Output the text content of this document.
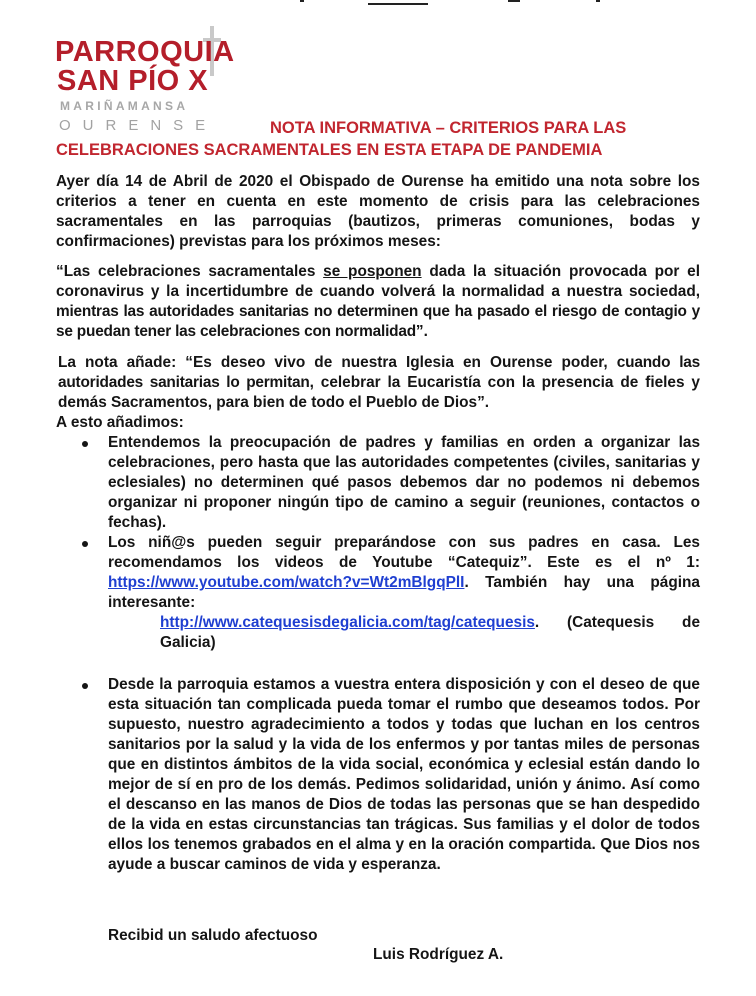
PARROQUIA
SAN PÍO X
MARIÑAMANSA
OURENSE	NOTA INFORMATIVA – CRITERIOS PARA LAS
CELEBRACIONES SACRAMENTALES EN ESTA ETAPA DE PANDEMIA

Ayer día 14 de Abril de 2020 el Obispado de Ourense ha emitido una nota sobre los criterios a tener en cuenta en este momento de crisis para las celebraciones sacramentales en las parroquias (bautizos, primeras comuniones, bodas y confirmaciones) previstas para los próximos meses:

“Las celebraciones sacramentales se posponen dada la situación provocada por el coronavirus y la incertidumbre de cuando volverá la normalidad a nuestra sociedad, mientras las autoridades sanitarias no determinen que ha pasado el riesgo de contagio y se puedan tener las celebraciones con normalidad”.

La nota añade: “Es deseo vivo de nuestra Iglesia en Ourense poder, cuando las autoridades sanitarias lo permitan, celebrar la Eucaristía con la presencia de fieles y demás Sacramentos, para bien de todo el Pueblo de Dios”.

A esto añadimos:

Entendemos la preocupación de padres y familias en orden a organizar las celebraciones, pero hasta que las autoridades competentes (civiles, sanitarias y eclesiales) no determinen qué pasos debemos dar no podemos ni debemos organizar ni proponer ningún tipo de camino a seguir (reuniones, contactos o fechas).
Los niñ@s pueden seguir preparándose con sus padres en casa. Les recomendamos los videos de Youtube “Catequiz”. Este es el nº 1: https://www.youtube.com/watch?v=Wt2mBlgqPlI. También hay una página interesante:
http://www.catequesisdegalicia.com/tag/catequesis. (Catequesis de Galicia)
Desde la parroquia estamos a vuestra entera disposición y con el deseo de que esta situación tan complicada pueda tomar el rumbo que deseamos todos. Por supuesto, nuestro agradecimiento a todos y todas que luchan en los centros sanitarios por la salud y la vida de los enfermos y por tantas miles de personas que en distintos ámbitos de la vida social, económica y eclesial están dando lo mejor de sí en pro de los demás. Pedimos solidaridad, unión y ánimo. Así como el descanso en las manos de Dios de todas las personas que se han despedido de la vida en estas circunstancias tan trágicas. Sus familias y el dolor de todos ellos los tenemos grabados en el alma y en la oración compartida. Que Dios nos ayude a buscar caminos de vida y esperanza.
Recibid un saludo afectuoso
Luis Rodríguez A.
